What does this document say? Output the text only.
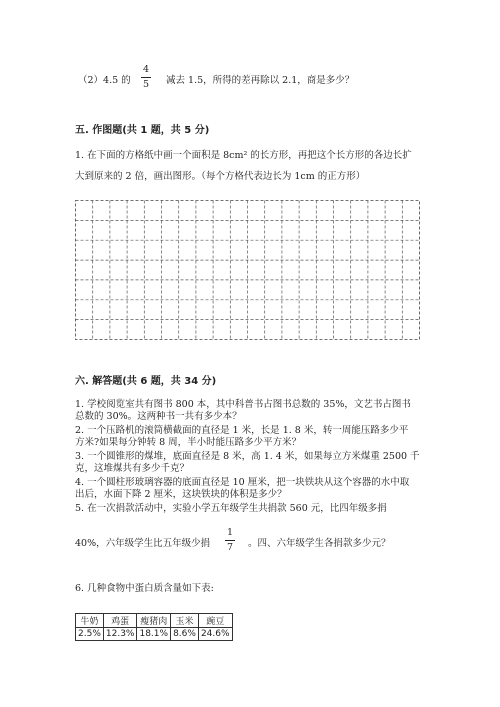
（2）4.5 的
4
5 减去 1.5，所得的差再除以 2.1，商是多少？
五. 作图题(共 1 题，共 5 分)
1. 在下面的方格纸中画一个面积是 8cm² 的长方形，再把这个长方形的各边长扩
大到原来的 2 倍，画出图形。（每个方格代表边长为 1cm 的正方形）
六. 解答题(共 6 题，共 34 分)
1. 学校阅览室共有图书 800 本，其中科普书占图书总数的 35%，文艺书占图书
总数的 30%。这两种书一共有多少本？
2. 一个压路机的滚筒横截面的直径是 1 米，长是 1. 8 米，转一周能压路多少平
方米?如果每分钟转 8 周，半小时能压路多少平方米？
3. 一个圆锥形的煤堆，底面直径是 8 米，高 1. 4 米，如果每立方米煤重 2500 千
克，这堆煤共有多少千克？
4. 一个圆柱形玻璃容器的底面直径是 10 厘米，把一块铁块从这个容器的水中取
出后，水面下降 2 厘米，这块铁块的体积是多少？
5. 在一次捐款活动中，实验小学五年级学生共捐款 560 元，比四年级多捐
40%，六年级学生比五年级少捐
1
7 。四、六年级学生各捐款多少元？
6. 几种食物中蛋白质含量如下表:
牛奶	鸡蛋	瘦猪肉	玉米	豌豆
2.5%	12.3%	18.1%	8.6%	24.6%
